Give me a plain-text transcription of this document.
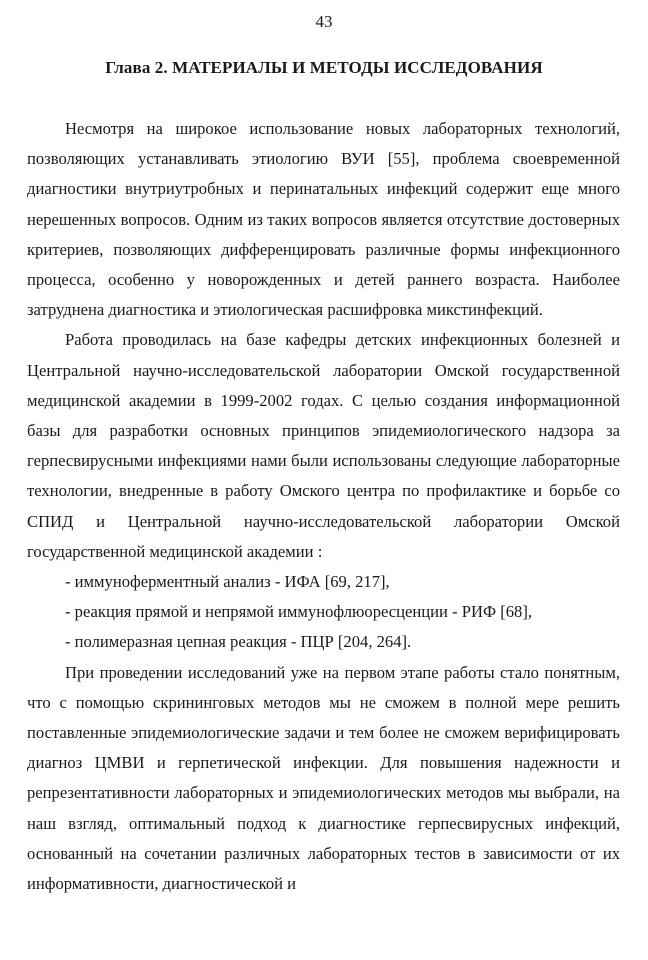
43
Глава 2. МАТЕРИАЛЫ И МЕТОДЫ ИССЛЕДОВАНИЯ

Несмотря на широкое использование новых лабораторных технологий, позволяющих устанавливать этиологию ВУИ [55], проблема своевременной диагностики внутриутробных и перинатальных инфекций содержит еще много нерешенных вопросов. Одним из таких вопросов является отсутствие достоверных критериев, позволяющих дифференцировать различные формы инфекционного процесса, особенно у новорожденных и детей раннего возраста. Наиболее затруднена диагностика и этиологическая расшифровка микстинфекций.

Работа проводилась на базе кафедры детских инфекционных болезней и Центральной научно-исследовательской лаборатории Омской государственной медицинской академии в 1999-2002 годах. С целью создания информационной базы для разработки основных принципов эпидемиологического надзора за герпесвирусными инфекциями нами были использованы следующие лабораторные технологии, внедренные в работу Омского центра по профилактике и борьбе со СПИД и Центральной научно-исследовательской лаборатории Омской государственной медицинской академии :

- иммуноферментный анализ - ИФА [69, 217],

- реакция прямой и непрямой иммунофлюоресценции - РИФ [68],

- полимеразная цепная реакция - ПЦР [204, 264].

При проведении исследований уже на первом этапе работы стало понятным, что с помощью скрининговых методов мы не сможем в полной мере решить поставленные эпидемиологические задачи и тем более не сможем верифицировать диагноз ЦМВИ и герпетической инфекции. Для повышения надежности и репрезентативности лабораторных и эпидемиологических методов мы выбрали, на наш взгляд, оптимальный подход к диагностике герпесвирусных инфекций, основанный на сочетании различных лабораторных тестов в зависимости от их информативности, диагностической и
